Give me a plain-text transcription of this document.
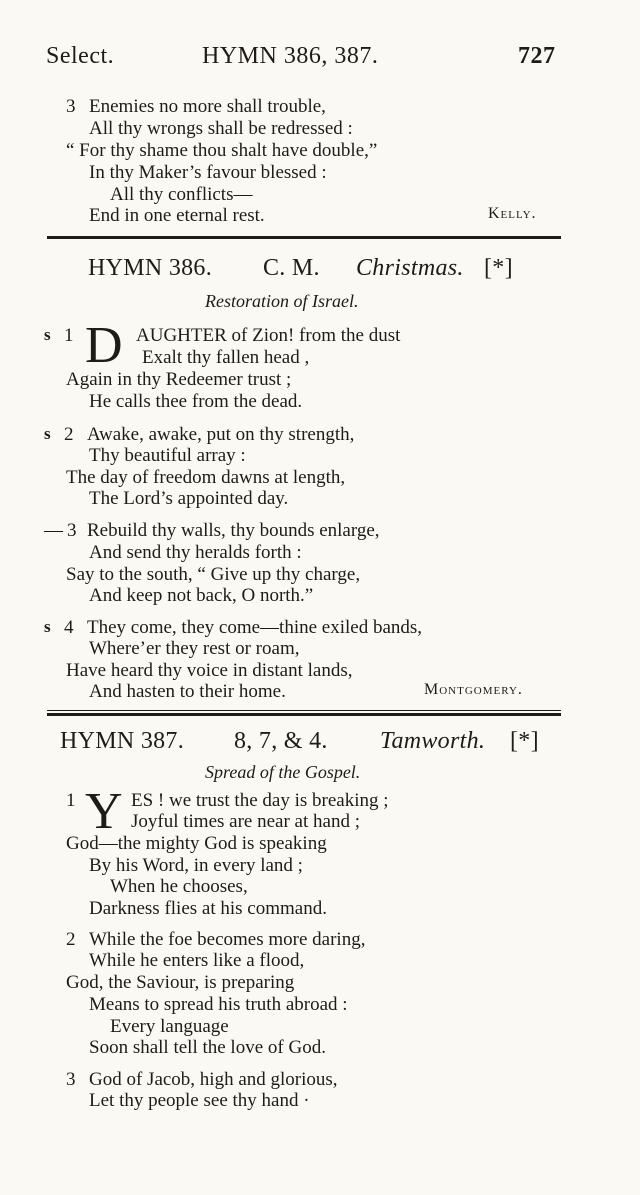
Select.	HYMN 386, 387.	727
3 Enemies no more shall trouble,
All thy wrongs shall be redressed :
“ For thy shame thou shalt have double,”
In thy Maker’s favour blessed :
All thy conflicts—
End in one eternal rest.	Kelly.
HYMN 386. C. M. Christmas. [*]
Restoration of Israel.
s 1 D AUGHTER of Zion! from the dust
Exalt thy fallen head ,
Again in thy Redeemer trust ;
He calls thee from the dead.
s 2 Awake, awake, put on thy strength,
Thy beautiful array :
The day of freedom dawns at length,
The Lord’s appointed day.
— 3 Rebuild thy walls, thy bounds enlarge,
And send thy heralds forth :
Say to the south, “ Give up thy charge,
And keep not back, O north.”
s 4 They come, they come—thine exiled bands,
Where’er they rest or roam,
Have heard thy voice in distant lands,
And hasten to their home.	Montgomery.
HYMN 387. 8, 7, & 4. Tamworth. [*]
Spread of the Gospel.
1 Y ES ! we trust the day is breaking ;
Joyful times are near at hand ;
God—the mighty God is speaking
By his Word, in every land ;
When he chooses,
Darkness flies at his command.
2 While the foe becomes more daring,
While he enters like a flood,
God, the Saviour, is preparing
Means to spread his truth abroad :
Every language
Soon shall tell the love of God.
3 God of Jacob, high and glorious,
Let thy people see thy hand ·
